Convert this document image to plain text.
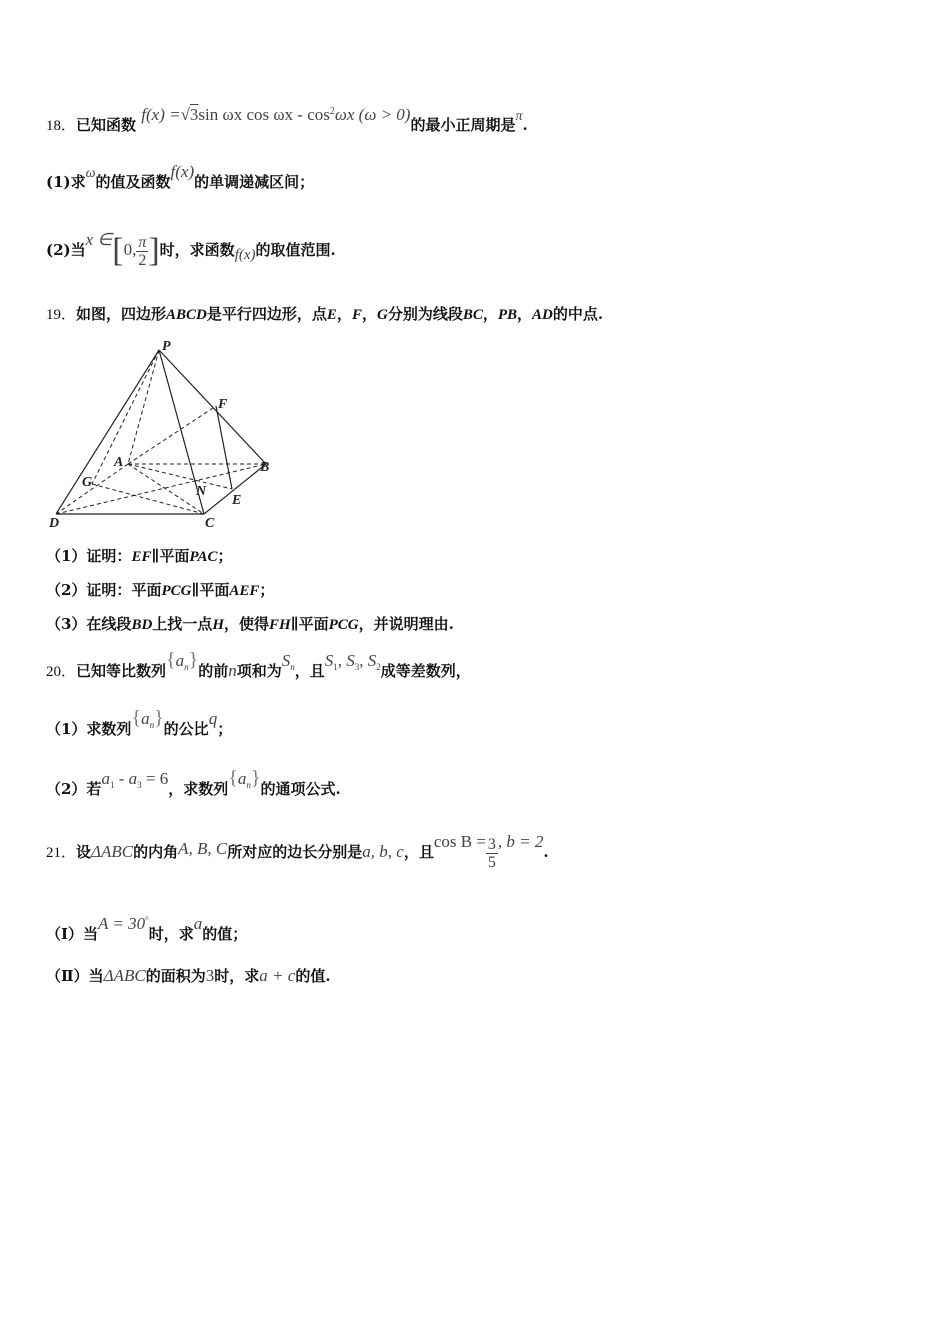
18．已知函数 f(x) =√3sin ωx cos ωx - $\cos^2\omega x$ (ω > 0)的最小正周期是π.
(1)求ω的值及函数f(x)的单调递减区间；
(2)当x ∈[0, $\frac{\pi}{2}$ ]时，求函数f(x)的取值范围.
19．如图，四边形ABCD是平行四边形，点E，F，G分别为线段BC，PB，AD的中点.
P
F
A	B
G
N
E
D	C
（1）证明：EF∥平面PAC；
（2）证明：平面PCG∥平面AEF；
（3）在线段BD上找一点H，使得FH∥平面PCG，并说明理由.
20．已知等比数列$\{a_n\}$的前n项和为$S_n$，且$S_1$, $S_3$, $S_2$成等差数列，
（1）求数列$\{a_n\}$的公比q；
（2）若$a_1 - a_3 = 6$，求数列$\{a_n\}$的通项公式.
21．设ΔABC的内角A, B, C所对应的边长分别是a, b, c，且$\cos B = \frac{3}{5}$ , b = 2.
（Ⅰ）当A = 30°时，求a的值；
（Ⅱ）当ΔABC的面积为3时，求a + c的值.
